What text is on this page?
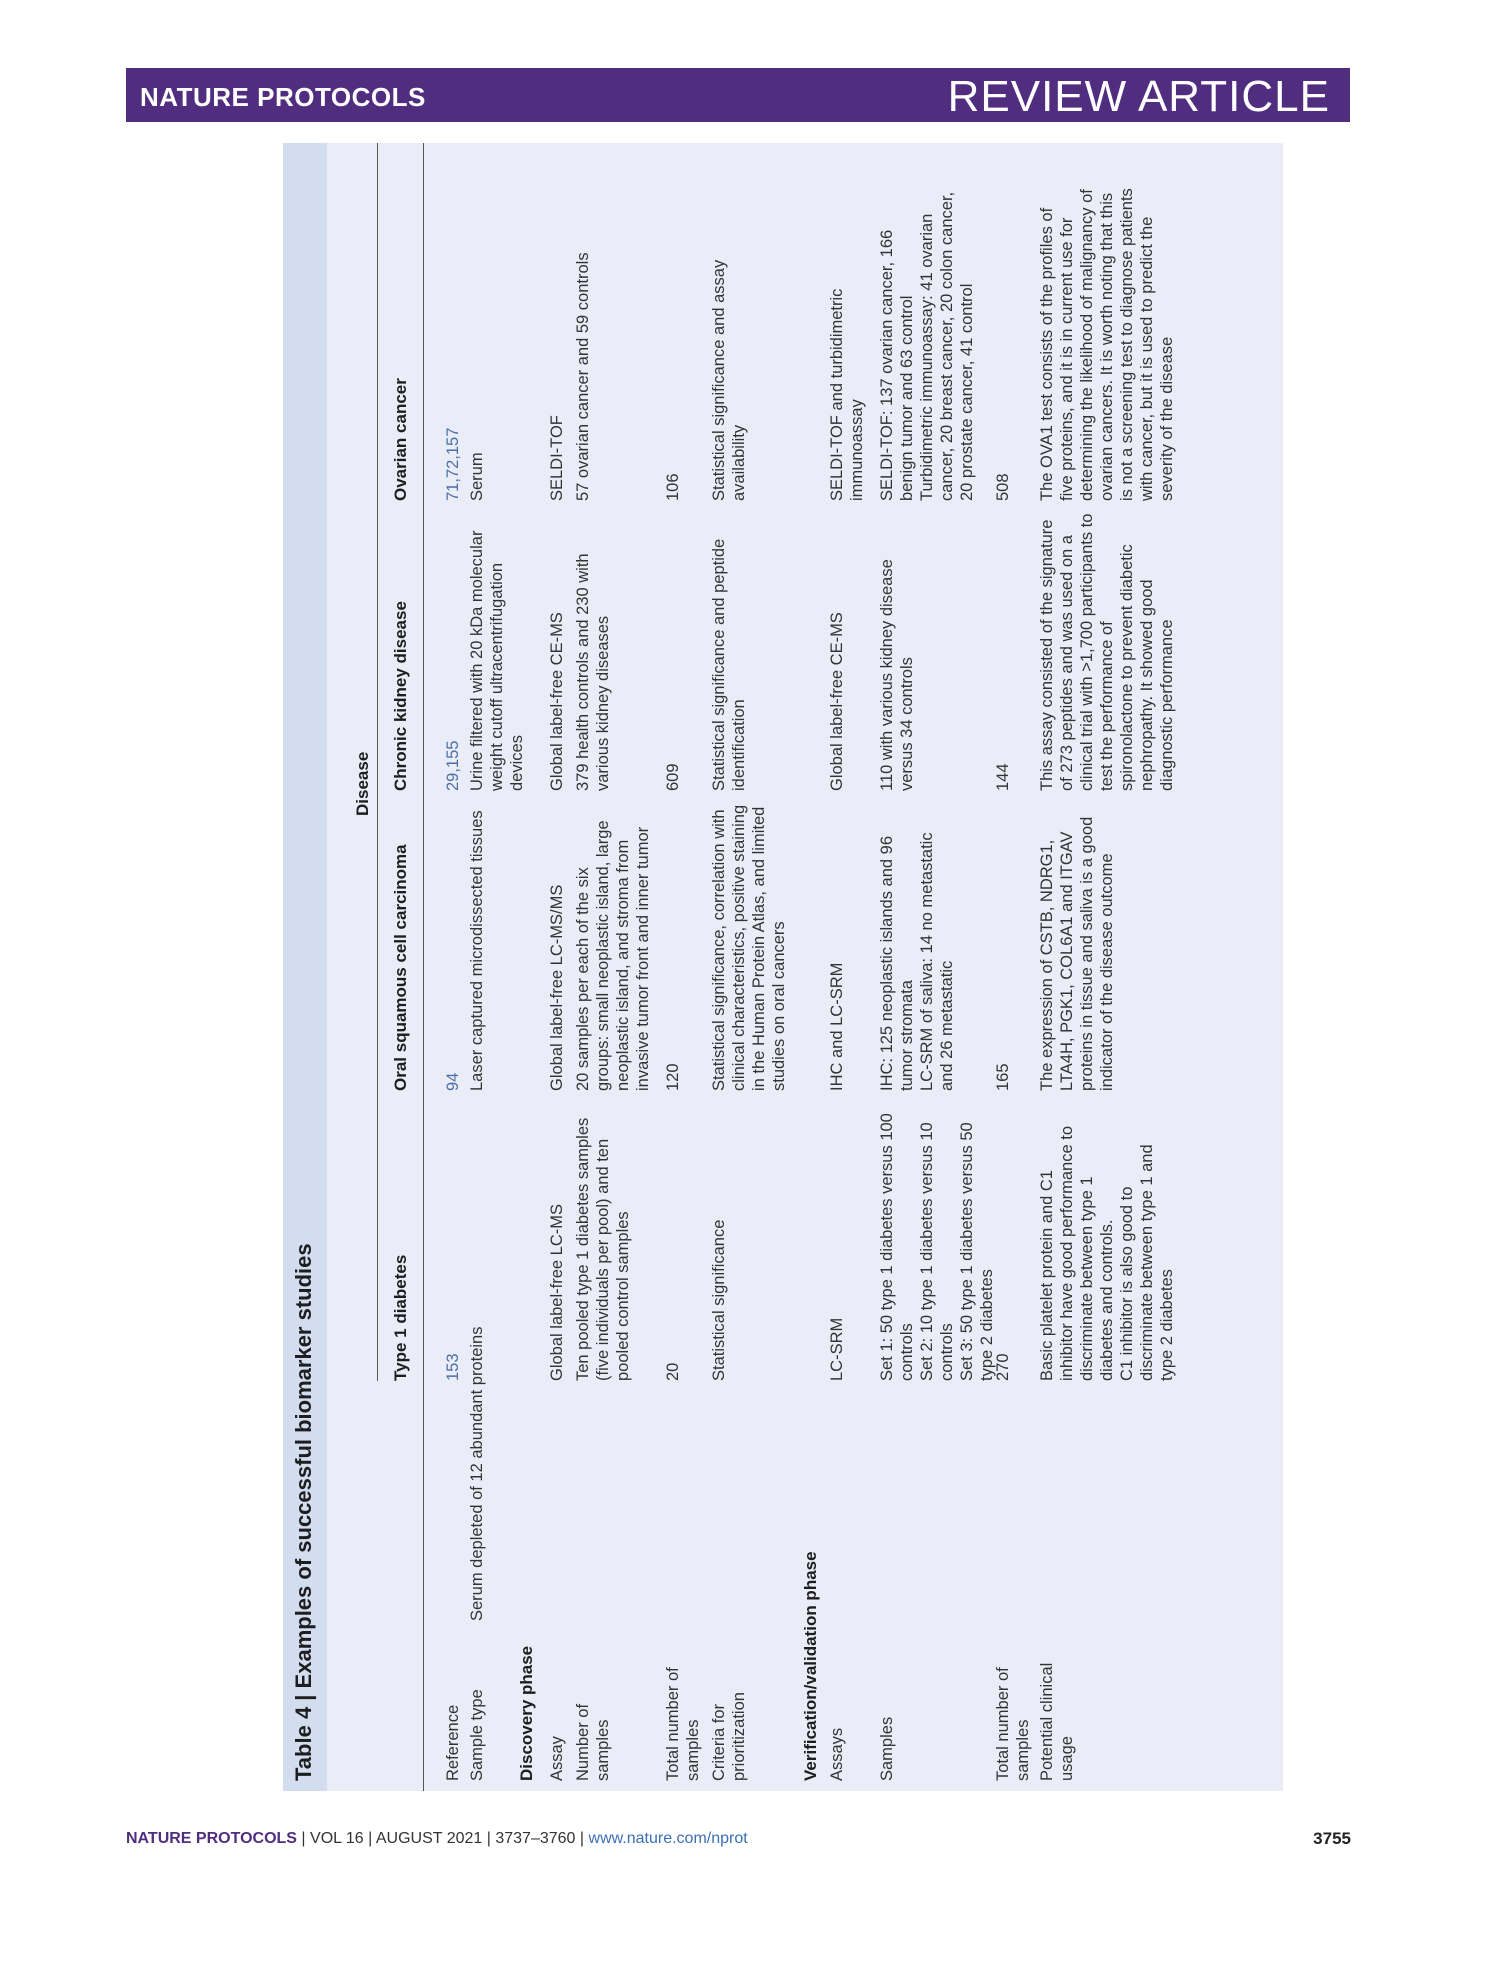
NATURE PROTOCOLS	REVIEW ARTICLE
Table 4 | Examples of successful biomarker studies
Disease
Type 1 diabetes
Oral squamous cell carcinoma
Chronic kidney disease
Ovarian cancer
Reference
153
94
29,155
71,72,157
Sample type
Serum depleted of 12 abundant proteins
Laser captured microdissected tissues
Urine filtered with 20 kDa molecular weight cutoff ultracentrifugation devices
Serum
Discovery phase Assay
Global label-free LC-MS
Global label-free LC-MS/MS
Global label-free CE-MS
SELDI-TOF
Number of samples
Ten pooled type 1 diabetes samples (five individuals per pool) and ten pooled control samples
20 samples per each of the six groups: small neoplastic island, large neoplastic island, and stroma from invasive tumor front and inner tumor
379 health controls and 230 with various kidney diseases
57 ovarian cancer and 59 controls
Total number of samples
20
120
609
106
Criteria for prioritization
Statistical significance
Statistical significance, correlation with clinical characteristics, positive staining in the Human Protein Atlas, and limited studies on oral cancers
Statistical significance and peptide identification
Statistical significance and assay availability
Verification/validation phase Assays
LC-SRM
IHC and LC-SRM
Global label-free CE-MS
SELDI-TOF and turbidimetric immunoassay
Samples
Set 1: 50 type 1 diabetes versus 100 controls Set 2: 10 type 1 diabetes versus 10 controls Set 3: 50 type 1 diabetes versus 50 type 2 diabetes
IHC: 125 neoplastic islands and 96 tumor stromata LC-SRM of saliva: 14 no metastatic and 26 metastatic
110 with various kidney disease versus 34 controls
SELDI-TOF: 137 ovarian cancer, 166 benign tumor and 63 control Turbidimetric immunoassay: 41 ovarian cancer, 20 breast cancer, 20 colon cancer, 20 prostate cancer, 41 control
Total number of samples
270
165
144
508
Potential clinical usage
Basic platelet protein and C1 inhibitor have good performance to discriminate between type 1 diabetes and controls. C1 inhibitor is also good to discriminate between type 1 and type 2 diabetes
The expression of CSTB, NDRG1, LTA4H, PGK1, COL6A1 and ITGAV proteins in tissue and saliva is a good indicator of the disease outcome
This assay consisted of the signature of 273 peptides and was used on a clinical trial with >1,700 participants to test the performance of spironolactone to prevent diabetic nephropathy. It showed good diagnostic performance
The OVA1 test consists of the profiles of five proteins, and it is in current use for determining the likelihood of malignancy of ovarian cancers. It is worth noting that this is not a screening test to diagnose patients with cancer, but it is used to predict the severity of the disease
NATURE PROTOCOLS | VOL 16 | AUGUST 2021 | 3737–3760 | www.nature.com/nprot	3755
